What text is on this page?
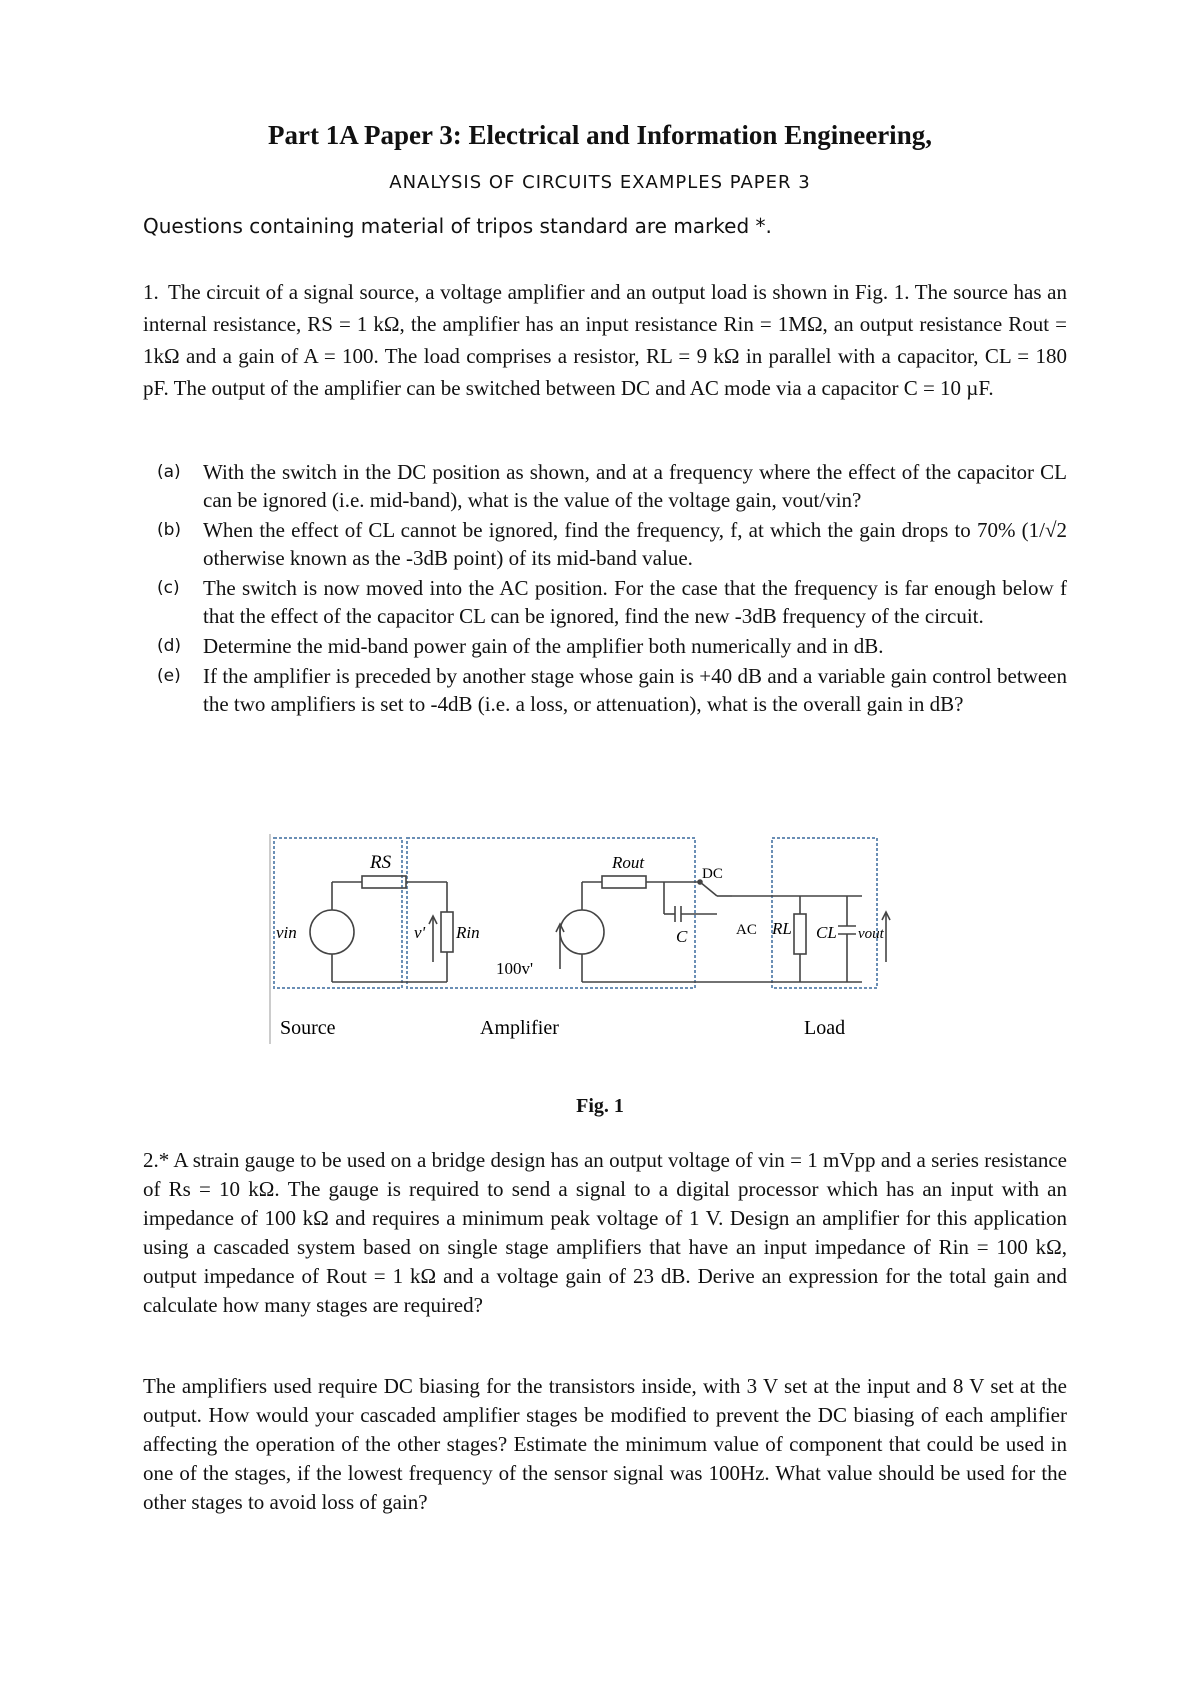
Part 1A Paper 3: Electrical and Information Engineering,
ANALYSIS OF CIRCUITS EXAMPLES PAPER 3
Questions containing material of tripos standard are marked *.
1. The circuit of a signal source, a voltage amplifier and an output load is shown in Fig. 1. The source has an internal resistance, RS = 1 kΩ, the amplifier has an input resistance Rin = 1MΩ, an output resistance Rout = 1kΩ and a gain of A = 100. The load comprises a resistor, RL = 9 kΩ in parallel with a capacitor, CL = 180 pF. The output of the amplifier can be switched between DC and AC mode via a capacitor C = 10 µF.
(a)	With the switch in the DC position as shown, and at a frequency where the effect of the capacitor CL can be ignored (i.e. mid-band), what is the value of the voltage gain, vout/vin?
(b)	When the effect of CL cannot be ignored, find the frequency, f, at which the gain drops to 70% (1/√2 otherwise known as the -3dB point) of its mid-band value.
(c)	The switch is now moved into the AC position. For the case that the frequency is far enough below f that the effect of the capacitor CL can be ignored, find the new -3dB frequency of the circuit.
(d)	Determine the mid-band power gain of the amplifier both numerically and in dB.
(e)	If the amplifier is preceded by another stage whose gain is +40 dB and a variable gain control between the two amplifiers is set to -4dB (i.e. a loss, or attenuation), what is the overall gain in dB?
RS
vin	v' Rin
100v'
Rout
DC
AC
C	RL CL vout
Source	Amplifier	Load
Fig. 1
2.* A strain gauge to be used on a bridge design has an output voltage of vin = 1 mVpp and a series resistance of Rs = 10 kΩ. The gauge is required to send a signal to a digital processor which has an input with an impedance of 100 kΩ and requires a minimum peak voltage of 1 V. Design an amplifier for this application using a cascaded system based on single stage amplifiers that have an input impedance of Rin = 100 kΩ, output impedance of Rout = 1 kΩ and a voltage gain of 23 dB. Derive an expression for the total gain and calculate how many stages are required?
The amplifiers used require DC biasing for the transistors inside, with 3 V set at the input and 8 V set at the output. How would your cascaded amplifier stages be modified to prevent the DC biasing of each amplifier affecting the operation of the other stages? Estimate the minimum value of component that could be used in one of the stages, if the lowest frequency of the sensor signal was 100Hz. What value should be used for the other stages to avoid loss of gain?
